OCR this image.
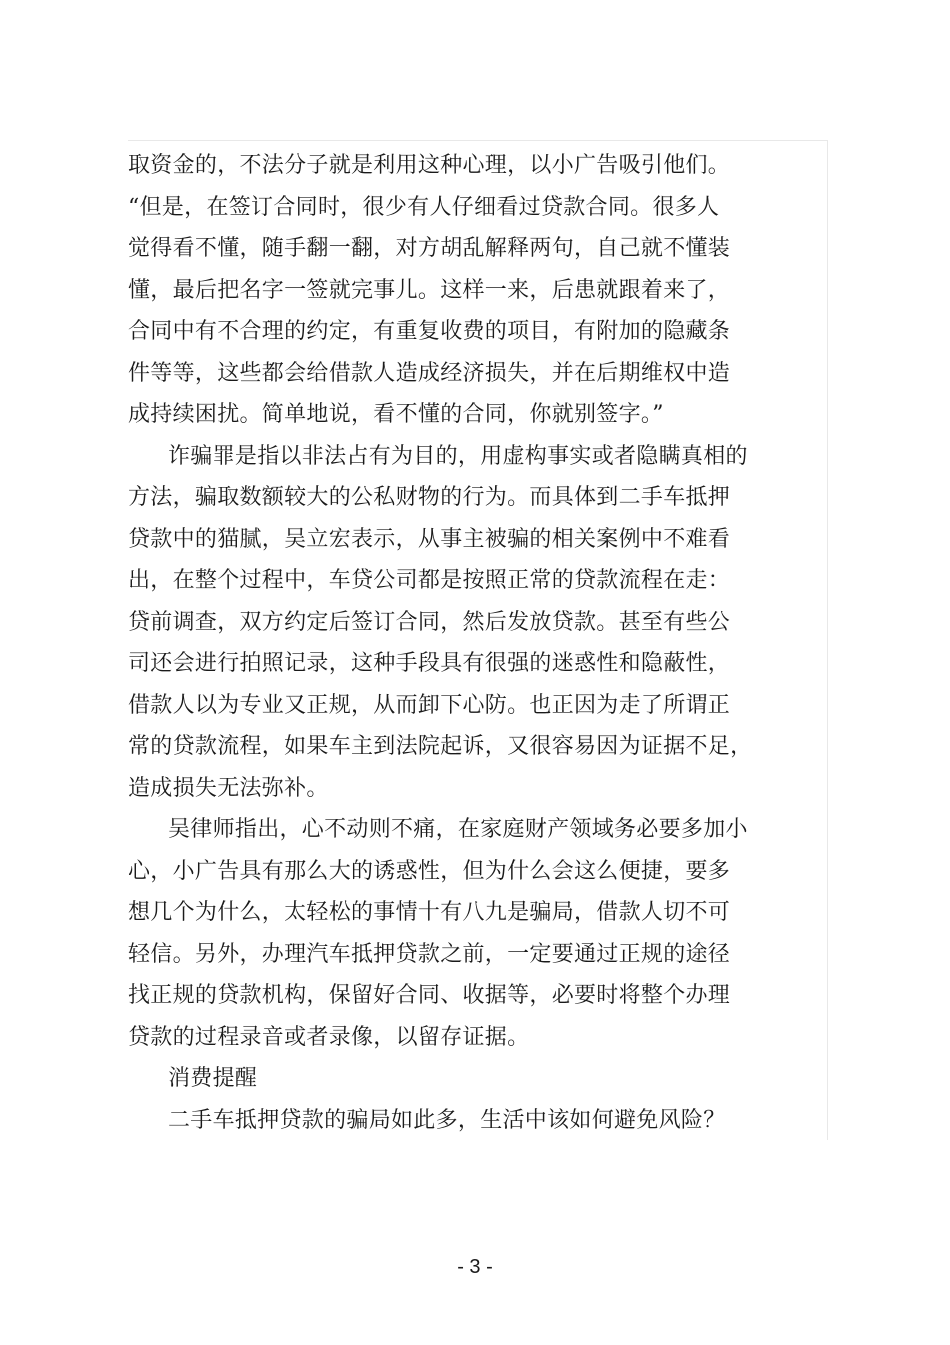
取资金的，不法分子就是利用这种心理，以小广告吸引他们。
“但是，在签订合同时，很少有人仔细看过贷款合同。很多人
觉得看不懂，随手翻一翻，对方胡乱解释两句，自己就不懂装
懂，最后把名字一签就完事儿。这样一来，后患就跟着来了，
合同中有不合理的约定，有重复收费的项目，有附加的隐藏条
件等等，这些都会给借款人造成经济损失，并在后期维权中造
成持续困扰。简单地说，看不懂的合同，你就别签字。”
诈骗罪是指以非法占有为目的，用虚构事实或者隐瞒真相的
方法，骗取数额较大的公私财物的行为。而具体到二手车抵押
贷款中的猫腻，吴立宏表示，从事主被骗的相关案例中不难看
出，在整个过程中，车贷公司都是按照正常的贷款流程在走：
贷前调查，双方约定后签订合同，然后发放贷款。甚至有些公
司还会进行拍照记录，这种手段具有很强的迷惑性和隐蔽性，
借款人以为专业又正规，从而卸下心防。也正因为走了所谓正
常的贷款流程，如果车主到法院起诉，又很容易因为证据不足，
造成损失无法弥补。
吴律师指出，心不动则不痛，在家庭财产领域务必要多加小
心，小广告具有那么大的诱惑性，但为什么会这么便捷，要多
想几个为什么，太轻松的事情十有八九是骗局，借款人切不可
轻信。另外，办理汽车抵押贷款之前，一定要通过正规的途径
找正规的贷款机构，保留好合同、收据等，必要时将整个办理
贷款的过程录音或者录像，以留存证据。
消费提醒
二手车抵押贷款的骗局如此多，生活中该如何避免风险？
- 3 -
